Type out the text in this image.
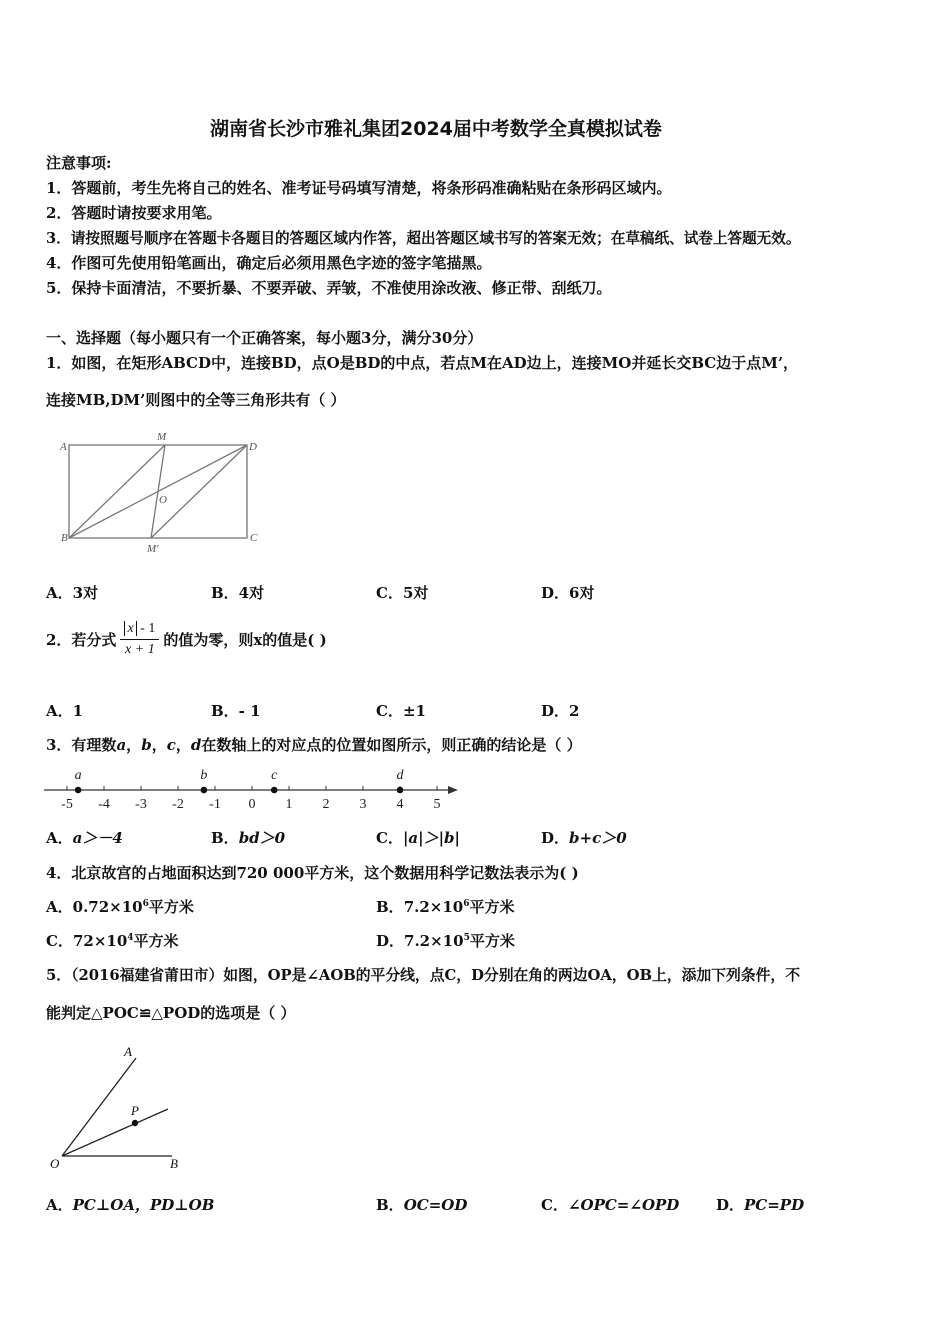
湖南省长沙市雅礼集团2024届中考数学全真模拟试卷
注意事项:
1．答题前，考生先将自己的姓名、准考证号码填写清楚，将条形码准确粘贴在条形码区域内。
2．答题时请按要求用笔。
3．请按照题号顺序在答题卡各题目的答题区域内作答，超出答题区域书写的答案无效；在草稿纸、试卷上答题无效。
4．作图可先使用铅笔画出，确定后必须用黑色字迹的签字笔描黑。
5．保持卡面清洁，不要折暴、不要弄破、弄皱，不准使用涂改液、修正带、刮纸刀。
一、选择题（每小题只有一个正确答案，每小题3分，满分30分）
1．如图，在矩形ABCD中，连接BD，点O是BD的中点，若点M在AD边上，连接MO并延长交BC边于点M’，
连接MB,DM’则图中的全等三角形共有（ ）
A
M
D
O
B
M'
C
A．3对	B．4对	C．5对	D．6对
2．若分式 $\frac{x - 1}{x + 1}$ 的值为零，则x的值是( )
A．1	B．- 1	C．±1	D．2
3．有理数a，b，c，d在数轴上的对应点的位置如图所示，则正确的结论是（ ）
-5 -4 -3 -2 -1 0 1 2 3 4 5
a	b	c	d
A．a＞－4	B．bd＞0	C．|a|＞|b|	D．b+c＞0
4．北京故宫的占地面积达到720 000平方米，这个数据用科学记数法表示为( )
A．$0.72\times 10^6$平方米	B．$7.2\times 10^6$平方米
C．$72\times 10^4$平方米	D．$7.2\times 10^5$平方米
5．（2016福建省莆田市）如图，OP是∠AOB的平分线，点C，D分别在角的两边OA，OB上，添加下列条件，不
能判定△POC≌△POD的选项是（ ）
A
P
O	B
A．PC⊥OA，PD⊥OB	B．OC=OD	C．∠OPC=∠OPD D．PC=PD
